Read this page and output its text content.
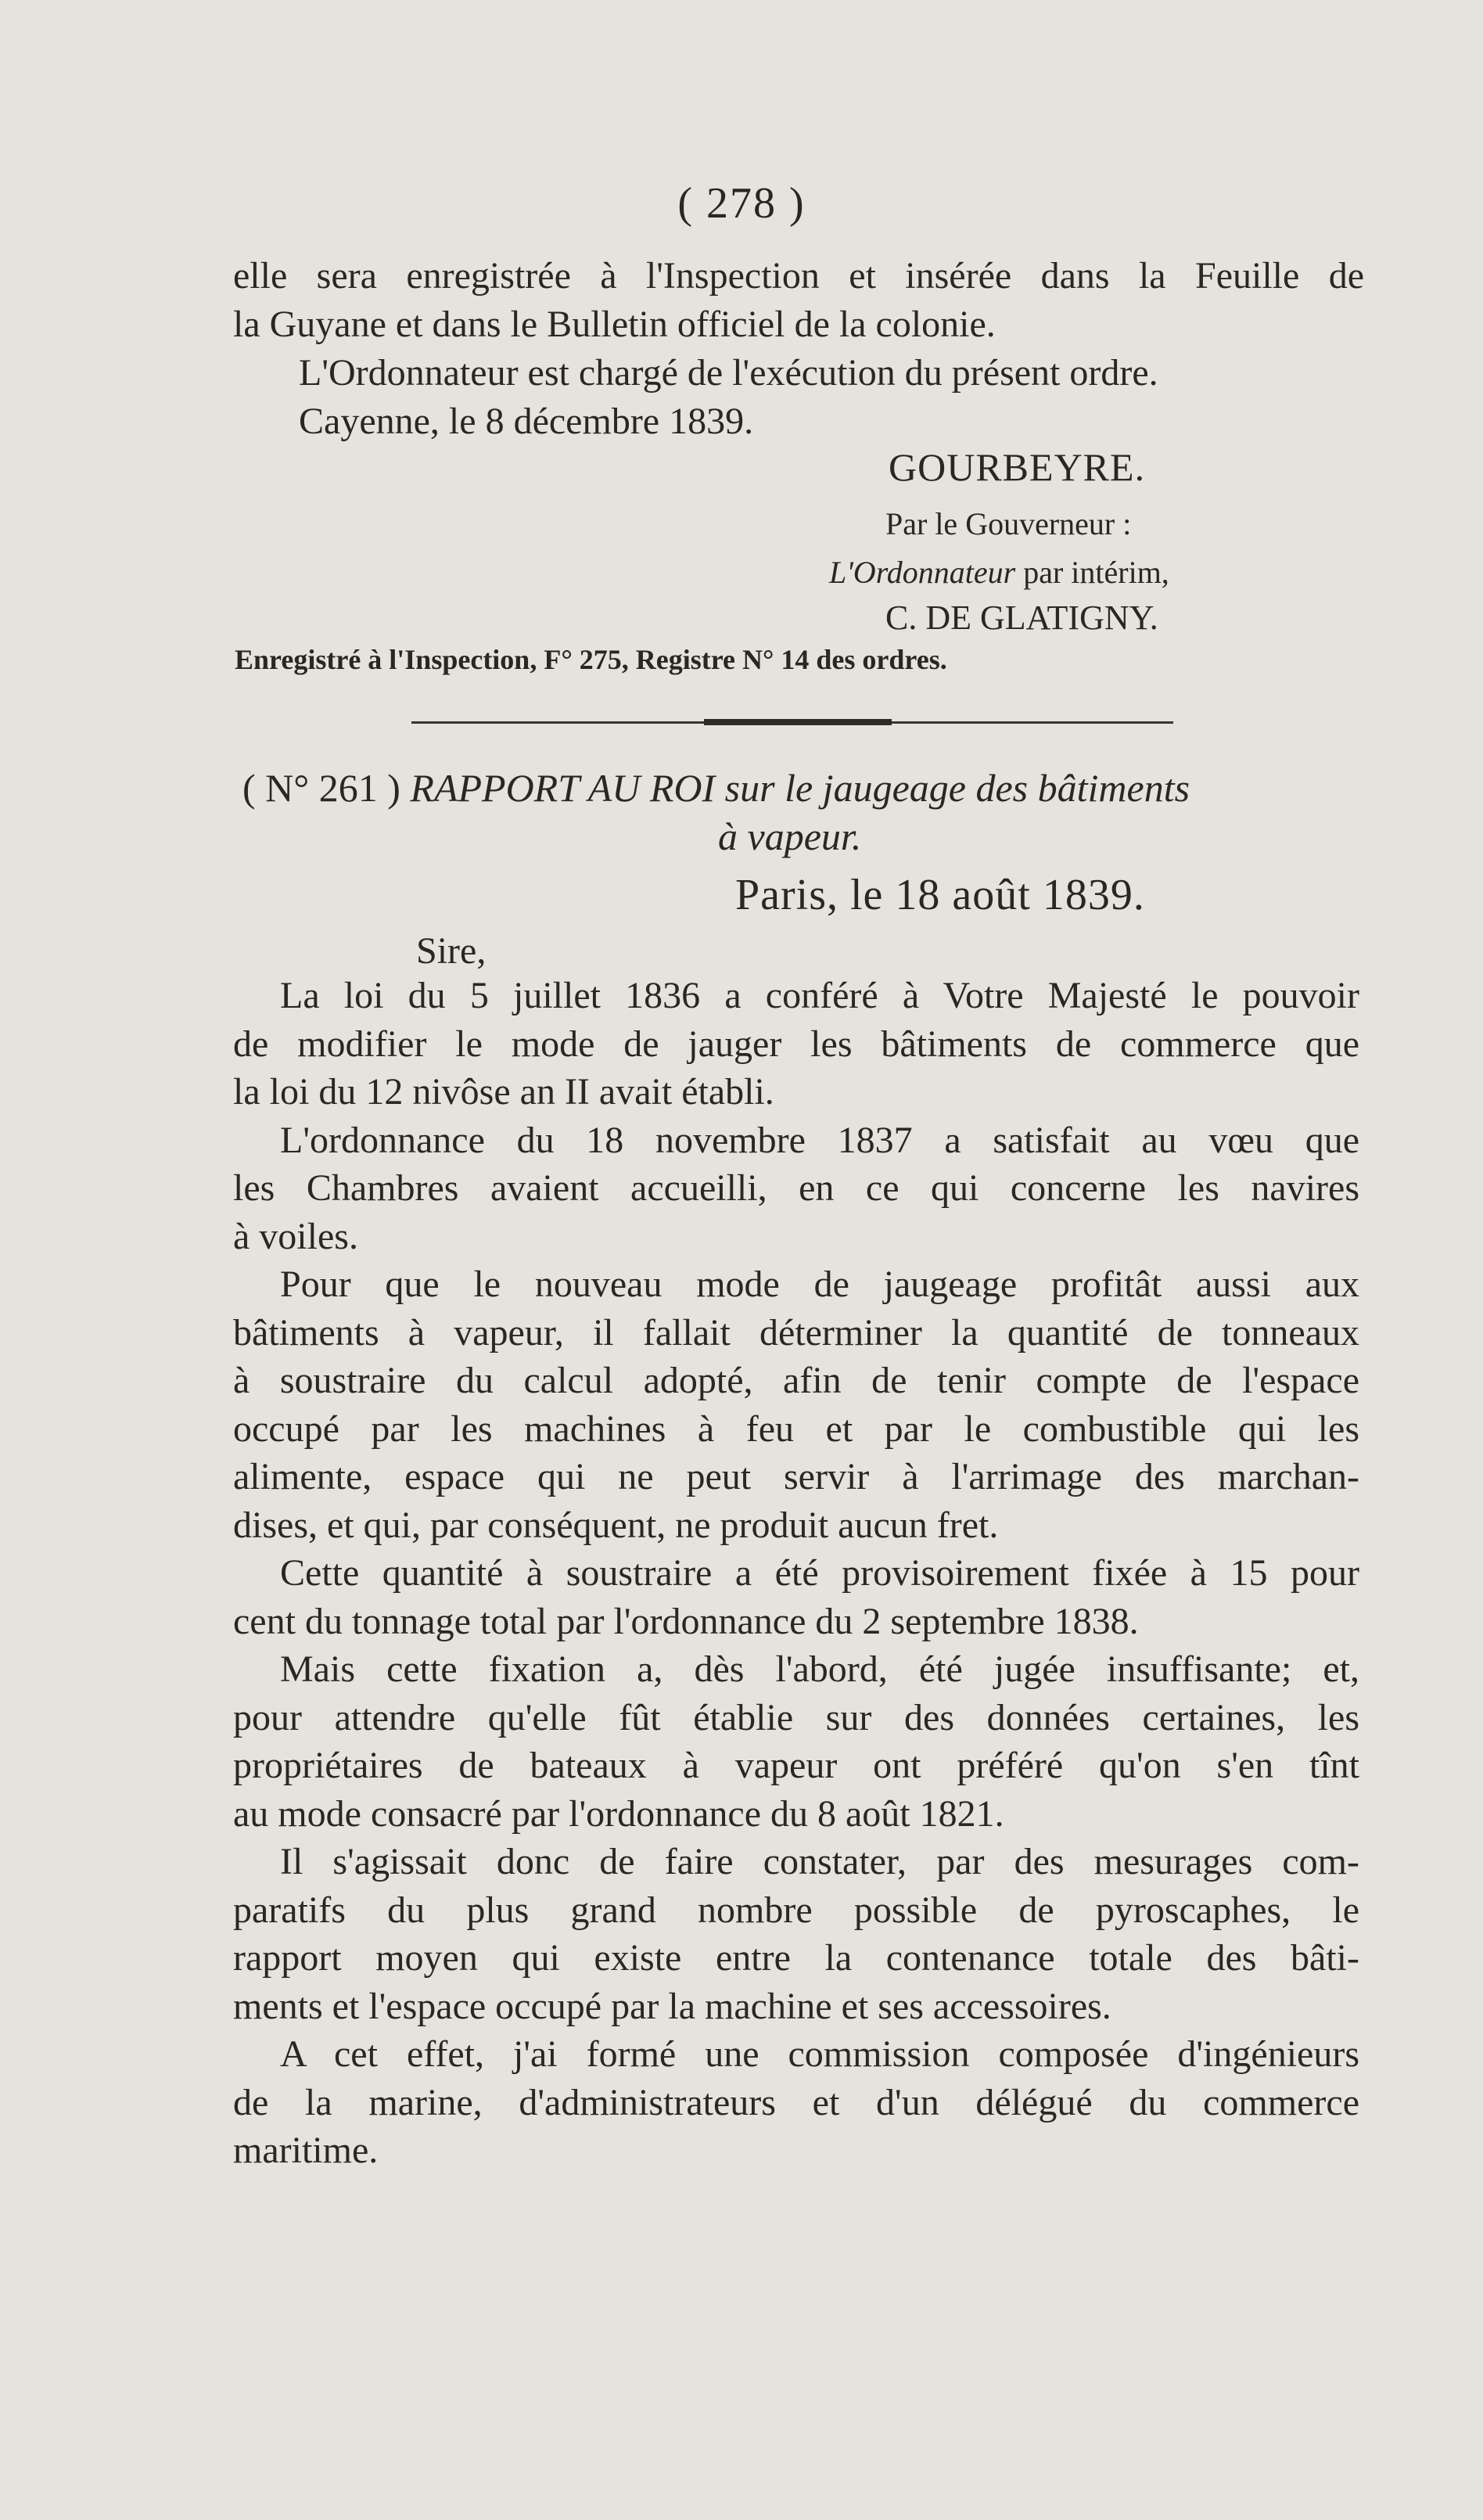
( 278 )
elle sera enregistrée à l'Inspection et insérée dans la Feuille de
la Guyane et dans le Bulletin officiel de la colonie.
L'Ordonnateur est chargé de l'exécution du présent ordre.
Cayenne, le 8 décembre 1839.
GOURBEYRE.
Par le Gouverneur :
L'Ordonnateur par intérim,
C. DE GLATIGNY.
Enregistré à l'Inspection, F° 275, Registre N° 14 des ordres.
( N° 261 ) RAPPORT AU ROI sur le jaugeage des bâtiments
à vapeur.
Paris, le 18 août 1839.
Sire,
La loi du 5 juillet 1836 a conféré à Votre Majesté le pouvoir
de modifier le mode de jauger les bâtiments de commerce que
la loi du 12 nivôse an II avait établi.
L'ordonnance du 18 novembre 1837 a satisfait au vœu que
les Chambres avaient accueilli, en ce qui concerne les navires
à voiles.
Pour que le nouveau mode de jaugeage profitât aussi aux
bâtiments à vapeur, il fallait déterminer la quantité de tonneaux
à soustraire du calcul adopté, afin de tenir compte de l'espace
occupé par les machines à feu et par le combustible qui les
alimente, espace qui ne peut servir à l'arrimage des marchan-
dises, et qui, par conséquent, ne produit aucun fret.
Cette quantité à soustraire a été provisoirement fixée à 15 pour
cent du tonnage total par l'ordonnance du 2 septembre 1838.
Mais cette fixation a, dès l'abord, été jugée insuffisante; et,
pour attendre qu'elle fût établie sur des données certaines, les
propriétaires de bateaux à vapeur ont préféré qu'on s'en tînt
au mode consacré par l'ordonnance du 8 août 1821.
Il s'agissait donc de faire constater, par des mesurages com-
paratifs du plus grand nombre possible de pyroscaphes, le
rapport moyen qui existe entre la contenance totale des bâti-
ments et l'espace occupé par la machine et ses accessoires.
A cet effet, j'ai formé une commission composée d'ingénieurs
de la marine, d'administrateurs et d'un délégué du commerce
maritime.
